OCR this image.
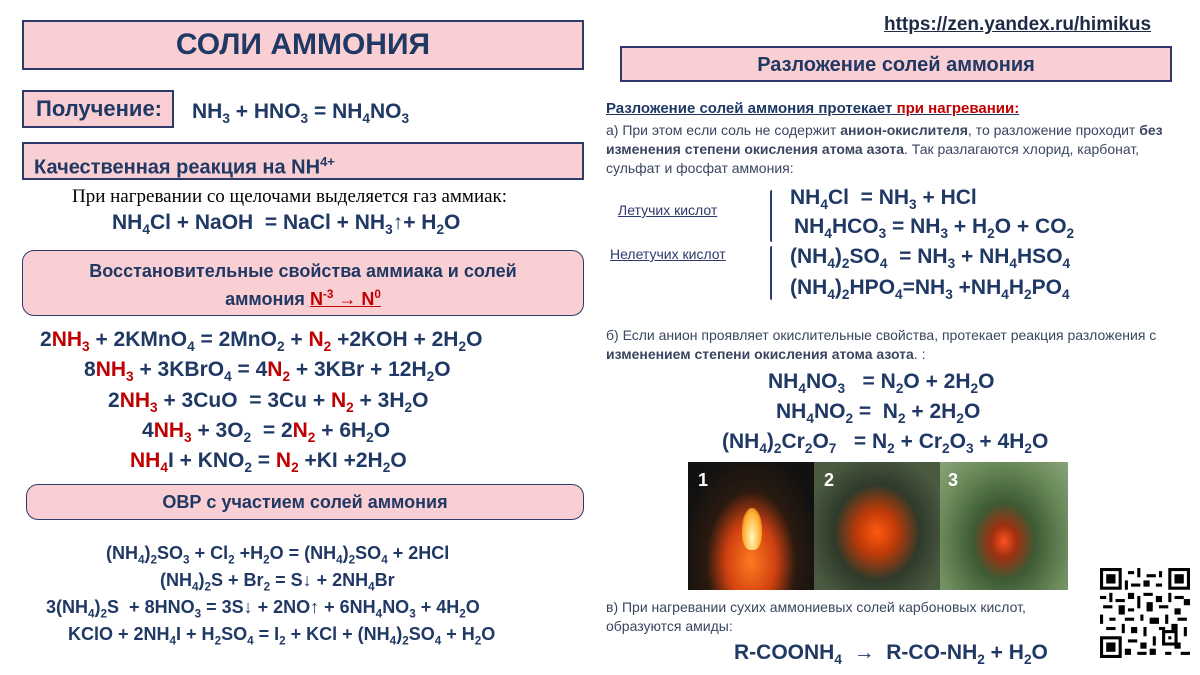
https://zen.yandex.ru/himikus
СОЛИ АММОНИЯ
Получение:	$NH_3 + HNO_3 = NH_4NO_3$
Качественная реакция на $NH^{4+}$
При нагревании со щелочами выделяется газ аммиак:
$NH_4Cl$ + NaOH  = NaCl + $NH_3↑+ H_2O$
Восстановительные свойства аммиака и солей
аммония $N^{-3} \to N^0$
$2NH_3$ + 2KMnO$_4$ = $2MnO_2 + N_2 +2KOH + 2H_2O$
$8NH_3$ + 3KBrO$_4$ = $4N_2 + 3KBr + 12H_2O$
$2NH_3 + 3CuO = 3Cu + N_2 + 3H_2O$
$4NH_3 + 3O_2 = 2N_2 + 6H_2O$
$NH_4I + KNO_2 = N_2 +KI +2H_2O$
ОВР с участием солей аммония
$(NH_4)_2SO_3 + Cl_2 +H_2O = (NH_4)_2SO_4 + 2HCl$
$(NH_4)_2S + Br_2$ = S↓ + $2NH_4Br$
$3(NH_4)_2S + 8HNO_3$ = 3S↓ + 2NO↑ + $6NH_4NO_3 + 4H_2O$
KClO + $2NH_4I + H_2SO_4 = I_2$ + KCl + $(NH_4)_2SO_4 + H_2O$
Разложение солей аммония
Разложение солей аммония протекает при нагревании:
а) При этом если соль не содержит анион-окислителя, то разложение проходит без изменения степени окисления атома азота. Так разлагаются хлорид, карбонат, сульфат и фосфат аммония:
Летучих кислот
Нелетучих кислот
$NH_4Cl = NH_3$ + HCl
$NH_4HCO_3 = NH_3 + H_2O + CO_2$
$(NH_4)_2SO_4 = NH_3 + NH_4HSO_4$
$(NH_4)_2HPO_4=NH_3 +NH_4H_2PO_4$
б) Если анион проявляет окислительные свойства, протекает реакция разложения с изменением степени окисления атома азота. :
$NH_4NO_3 = N_2O + 2H_2O$
$NH_4NO_2 = N_2 + 2H_2O$
$(NH_4)_2Cr_2O_7 = N_2 + Cr_2O_3 + 4H_2O$
1	2	3
в) При нагревании сухих аммониевых солей карбоновых кислот, образуются амиды:
$R-COONH_4 \to R-CO-NH_2 + H_2O$
